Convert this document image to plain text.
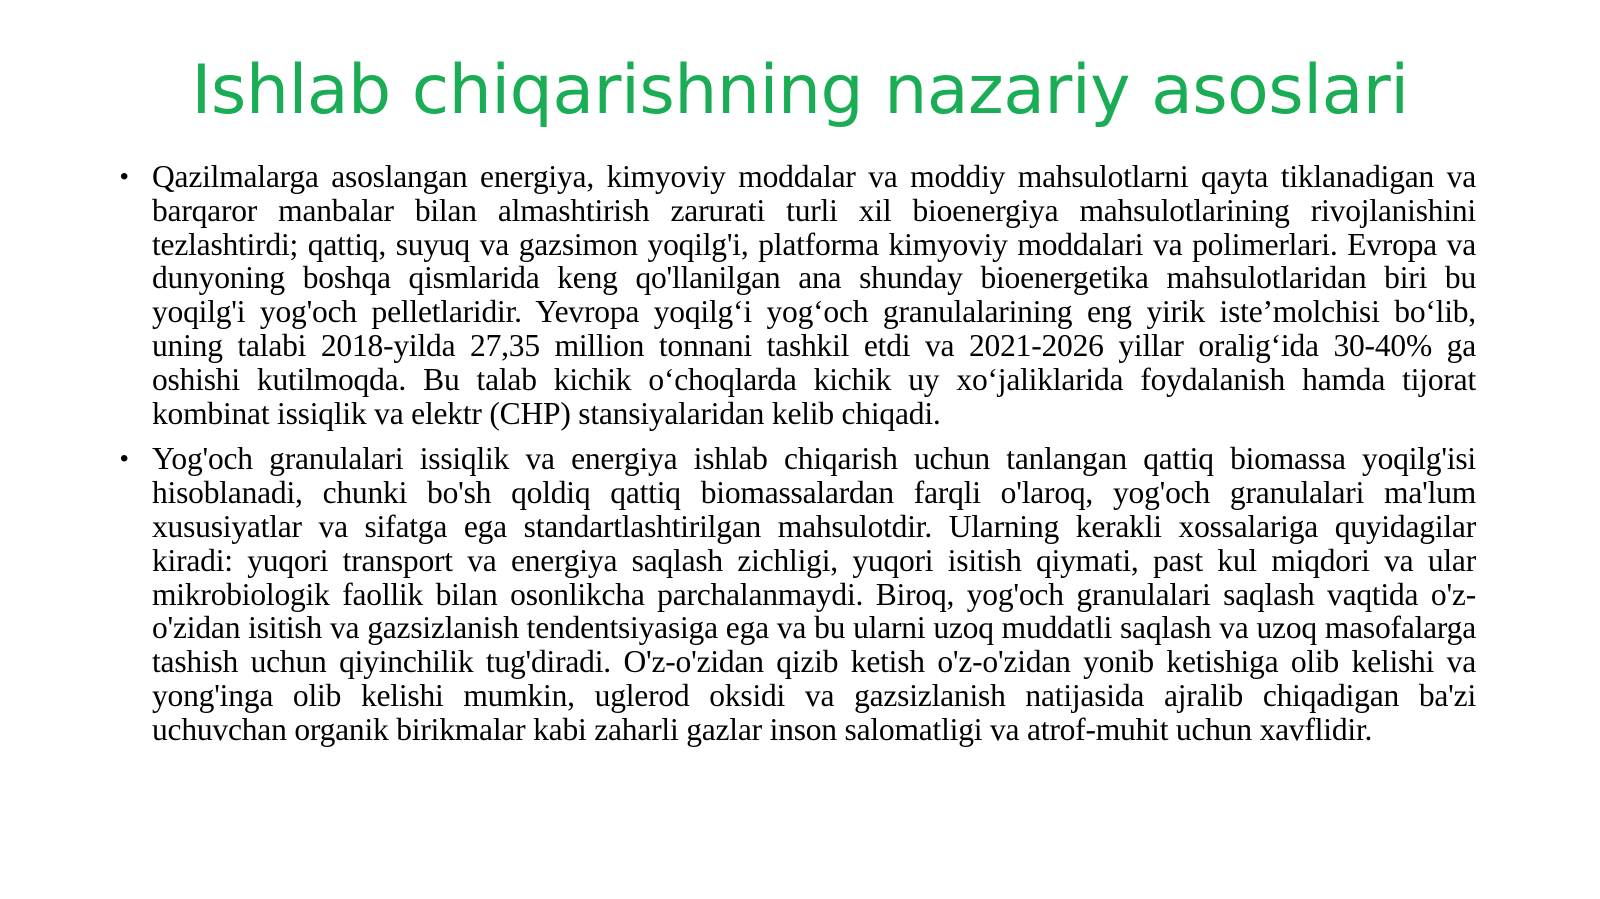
Ishlab chiqarishning nazariy asoslari
• Qazilmalarga asoslangan energiya, kimyoviy moddalar va moddiy mahsulotlarni qayta tiklanadigan va barqaror manbalar bilan almashtirish zarurati turli xil bioenergiya mahsulotlarining rivojlanishini tezlashtirdi; qattiq, suyuq va gazsimon yoqilg'i, platforma kimyoviy moddalari va polimerlari. Evropa va dunyoning boshqa qismlarida keng qo'llanilgan ana shunday bioenergetika mahsulotlaridan biri bu yoqilg'i yog'och pelletlaridir. Yevropa yoqilg‘i yog‘och granulalarining eng yirik iste’molchisi bo‘lib, uning talabi 2018-yilda 27,35 million tonnani tashkil etdi va 2021-2026 yillar oralig‘ida 30-40% ga oshishi kutilmoqda. Bu talab kichik o‘choqlarda kichik uy xo‘jaliklarida foydalanish hamda tijorat kombinat issiqlik va elektr (CHP) stansiyalaridan kelib chiqadi.
• Yog'och granulalari issiqlik va energiya ishlab chiqarish uchun tanlangan qattiq biomassa yoqilg'isi hisoblanadi, chunki bo'sh qoldiq qattiq biomassalardan farqli o'laroq, yog'och granulalari ma'lum xususiyatlar va sifatga ega standartlashtirilgan mahsulotdir. Ularning kerakli xossalariga quyidagilar kiradi: yuqori transport va energiya saqlash zichligi, yuqori isitish qiymati, past kul miqdori va ular mikrobiologik faollik bilan osonlikcha parchalanmaydi. Biroq, yog'och granulalari saqlash vaqtida o'z-o'zidan isitish va gazsizlanish tendentsiyasiga ega va bu ularni uzoq muddatli saqlash va uzoq masofalarga tashish uchun qiyinchilik tug'diradi. O'z-o'zidan qizib ketish o'z-o'zidan yonib ketishiga olib kelishi va yong'inga olib kelishi mumkin, uglerod oksidi va gazsizlanish natijasida ajralib chiqadigan ba'zi uchuvchan organik birikmalar kabi zaharli gazlar inson salomatligi va atrof-muhit uchun xavflidir.
